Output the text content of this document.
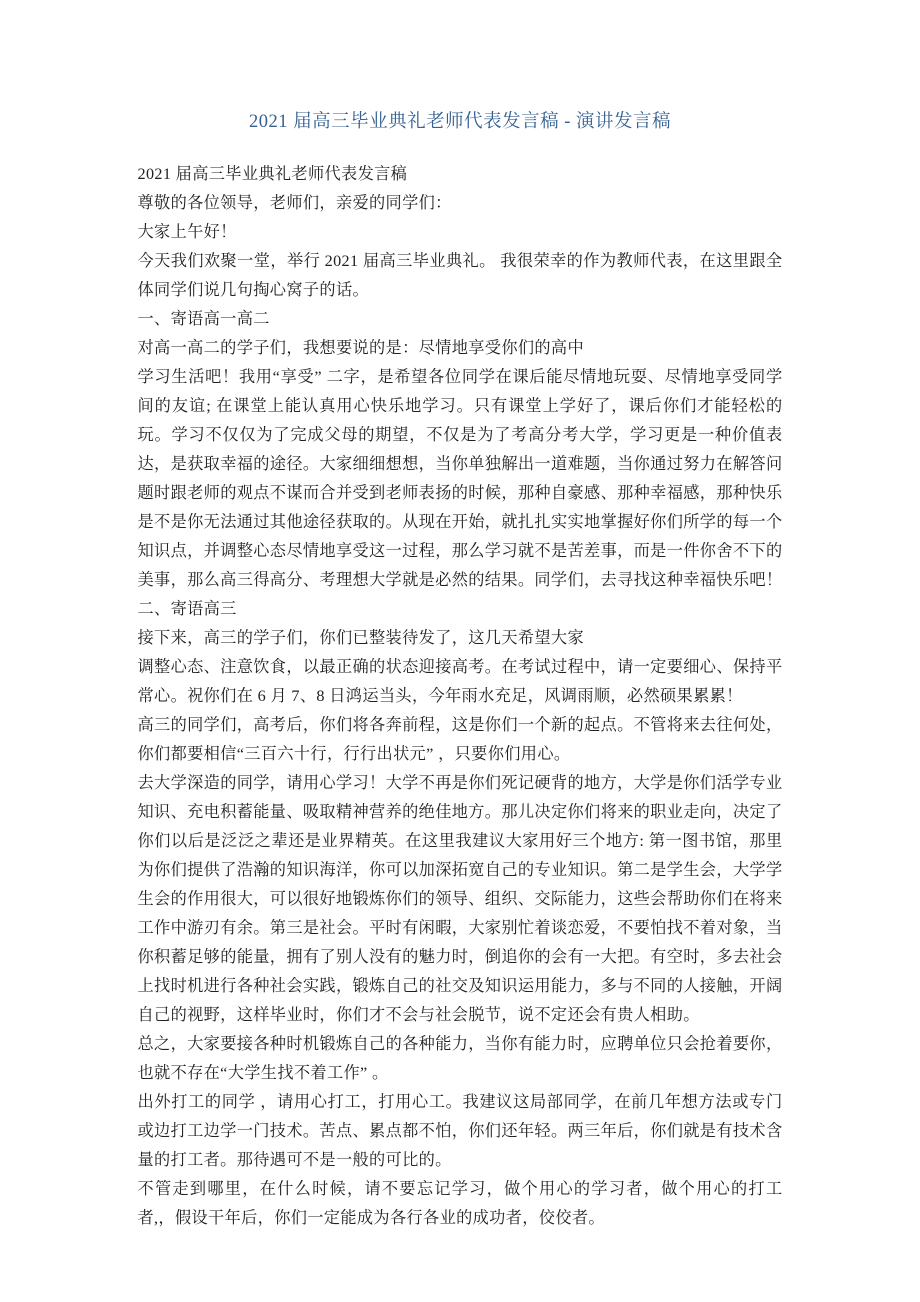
2021 届高三毕业典礼老师代表发言稿 - 演讲发言稿

2021 届高三毕业典礼老师代表发言稿

尊敬的各位领导，老师们，亲爱的同学们：

大家上午好！

今天我们欢聚一堂，举行 2021 届高三毕业典礼。 我很荣幸的作为教师代表，在这里跟全体同学们说几句掏心窝子的话。

一、寄语高一高二

对高一高二的学子们，我想要说的是：尽情地享受你们的高中

学习生活吧！我用“享受” 二字，是希望各位同学在课后能尽情地玩耍、尽情地享受同学间的友谊; 在课堂上能认真用心快乐地学习。只有课堂上学好了，课后你们才能轻松的玩。学习不仅仅为了完成父母的期望，不仅是为了考高分考大学，学习更是一种价值表达，是获取幸福的途径。大家细细想想，当你单独解出一道难题，当你通过努力在解答问题时跟老师的观点不谋而合并受到老师表扬的时候，那种自豪感、那种幸福感，那种快乐是不是你无法通过其他途径获取的。从现在开始，就扎扎实实地掌握好你们所学的每一个知识点，并调整心态尽情地享受这一过程，那么学习就不是苦差事，而是一件你舍不下的美事，那么高三得高分、考理想大学就是必然的结果。同学们，去寻找这种幸福快乐吧！

二、寄语高三

接下来，高三的学子们，你们已整装待发了，这几天希望大家

调整心态、注意饮食，以最正确的状态迎接高考。在考试过程中，请一定要细心、保持平常心。祝你们在 6 月 7、8 日鸿运当头，今年雨水充足，风调雨顺，必然硕果累累！

高三的同学们，高考后，你们将各奔前程，这是你们一个新的起点。不管将来去往何处，你们都要相信“三百六十行，行行出状元” ，只要你们用心。

去大学深造的同学，请用心学习！大学不再是你们死记硬背的地方，大学是你们活学专业知识、充电积蓄能量、吸取精神营养的绝佳地方。那儿决定你们将来的职业走向，决定了你们以后是泛泛之辈还是业界精英。在这里我建议大家用好三个地方: 第一图书馆，那里为你们提供了浩瀚的知识海洋，你可以加深拓宽自己的专业知识。第二是学生会，大学学生会的作用很大，可以很好地锻炼你们的领导、组织、交际能力，这些会帮助你们在将来工作中游刃有余。第三是社会。平时有闲暇，大家别忙着谈恋爱，不要怕找不着对象，当你积蓄足够的能量，拥有了别人没有的魅力时，倒追你的会有一大把。有空时，多去社会上找时机进行各种社会实践，锻炼自己的社交及知识运用能力，多与不同的人接触，开阔自己的视野，这样毕业时，你们才不会与社会脱节，说不定还会有贵人相助。

总之，大家要接各种时机锻炼自己的各种能力，当你有能力时，应聘单位只会抢着要你，也就不存在“大学生找不着工作” 。

出外打工的同学 ，请用心打工，打用心工。我建议这局部同学，在前几年想方法或专门或边打工边学一门技术。苦点、累点都不怕，你们还年轻。两三年后，你们就是有技术含量的打工者。那待遇可不是一般的可比的。

不管走到哪里，在什么时候，请不要忘记学习，做个用心的学习者，做个用心的打工者,，假设干年后，你们一定能成为各行各业的成功者，佼佼者。
